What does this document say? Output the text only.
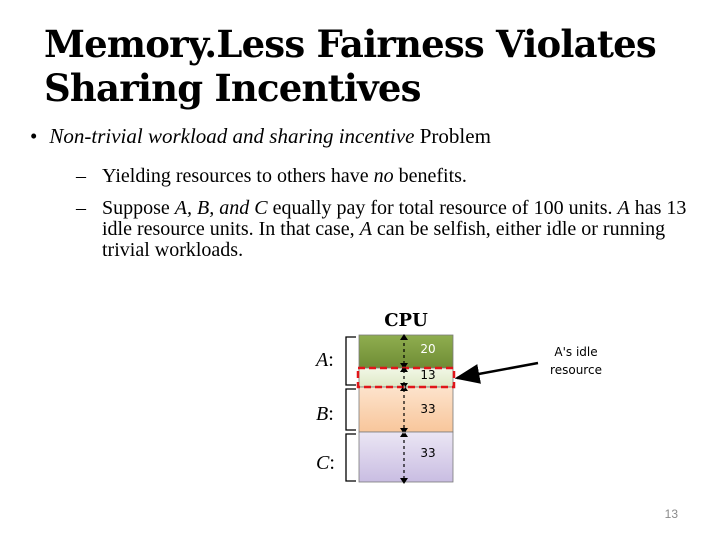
Memory.Less Fairness Violates
Sharing Incentives
• Non-trivial workload and sharing incentive Problem
– Yielding resources to others have no benefits.
– Suppose A, B, and C equally pay for total resource of 100 units. A has 13 idle resource units. In that case, A can be selfish, either idle or running trivial workloads.
CPU
20
13
33
33
A:
B:
C:
A's idle
resource
13
